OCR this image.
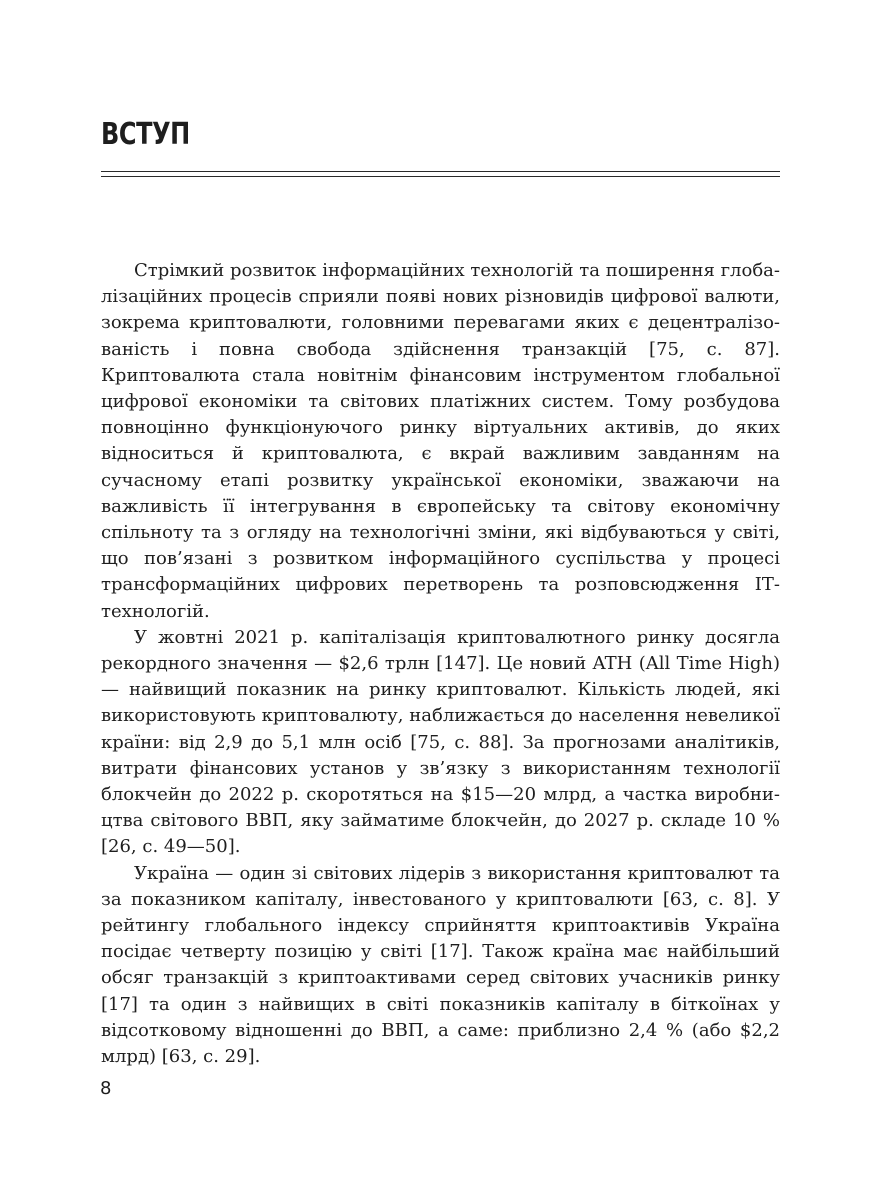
ВСТУП

Стрімкий розвиток інформаційних технологій та поширення глобалізаційних процесів сприяли появі нових різновидів цифрової валюти, зокрема криптовалюти, головними перевагами яких є децентралізованість і повна свобода здійснення транзакцій [75, с. 87]. Криптовалюта стала новітнім фінансовим інструментом глобальної цифрової економіки та світових платіжних систем. Тому розбудова повноцінно функціонуючого ринку віртуальних активів, до яких відноситься й криптовалюта, є вкрай важливим завданням на сучасному етапі розвитку української економіки, зважаючи на важливість її інтегрування в європейську та світову економічну спільноту та з огляду на технологічні зміни, які відбуваються у світі, що пов’язані з розвитком інформаційного суспільства у процесі трансформаційних цифрових перетворень та розповсюдження ІТ-технологій.

У жовтні 2021 р. капіталізація криптовалютного ринку досягла рекордного значення — $2,6 трлн [147]. Це новий ATH (All Time High) — найвищий показник на ринку криптовалют. Кількість людей, які використовують криптовалюту, наближається до населення невеликої країни: від 2,9 до 5,1 млн осіб [75, с. 88]. За прогнозами аналітиків, витрати фінансових установ у зв’язку з використанням технології блокчейн до 2022 р. скоротяться на $15—20 млрд, а частка виробництва світового ВВП, яку займатиме блокчейн, до 2027 р. складе 10 % [26, с. 49—50].

Україна — один зі світових лідерів з використання криптовалют та за показником капіталу, інвестованого у криптовалюти [63, с. 8]. У рейтингу глобального індексу сприйняття криптоактивів Україна посідає четверту позицію у світі [17]. Також країна має найбільший обсяг транзакцій з криптоактивами серед світових учасників ринку [17] та один з найвищих в світі показників капіталу в біткоїнах у відсотковому відношенні до ВВП, а саме: приблизно 2,4 % (або $2,2 млрд) [63, с. 29].

8
